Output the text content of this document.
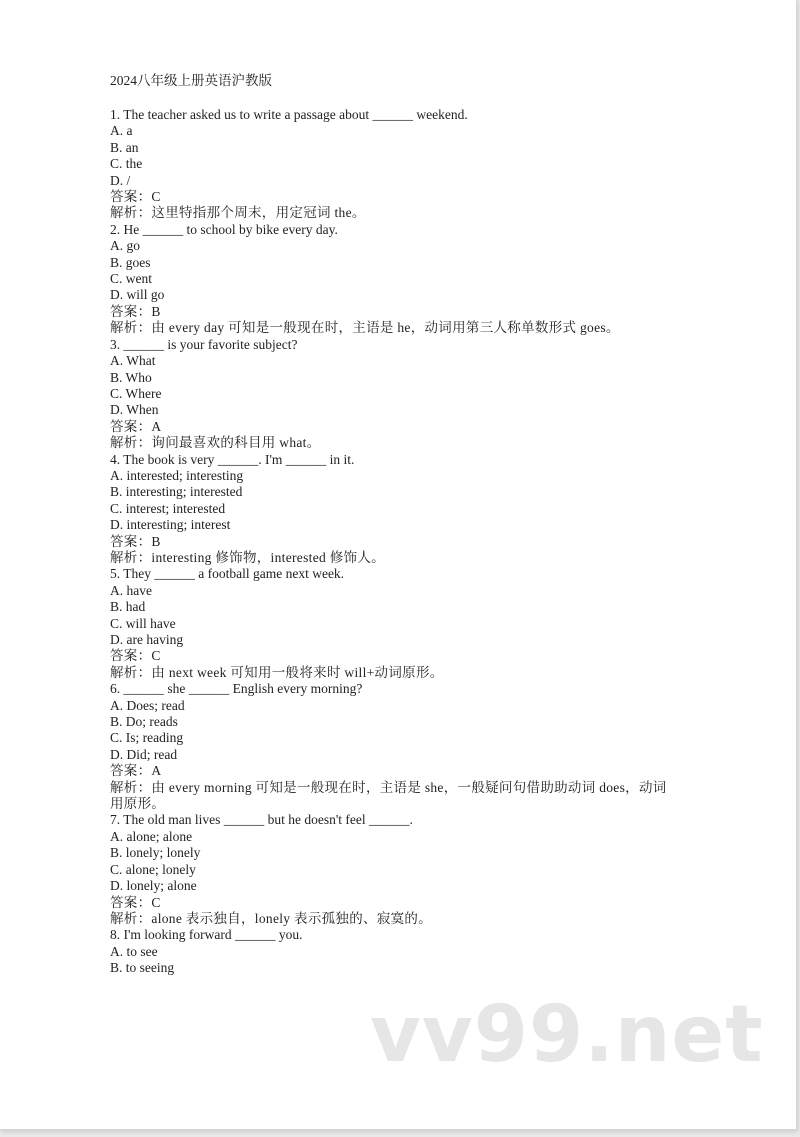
2024八年级上册英语沪教版
1. The teacher asked us to write a passage about ______ weekend.
A. a
B. an
C. the
D. /
答案：C
解析：这里特指那个周末，用定冠词 the。
2. He ______ to school by bike every day.
A. go
B. goes
C. went
D. will go
答案：B
解析：由 every day 可知是一般现在时，主语是 he，动词用第三人称单数形式 goes。
3. ______ is your favorite subject?
A. What
B. Who
C. Where
D. When
答案：A
解析：询问最喜欢的科目用 what。
4. The book is very ______. I'm ______ in it.
A. interested; interesting
B. interesting; interested
C. interest; interested
D. interesting; interest
答案：B
解析：interesting 修饰物，interested 修饰人。
5. They ______ a football game next week.
A. have
B. had
C. will have
D. are having
答案：C
解析：由 next week 可知用一般将来时 will+动词原形。
6. ______ she ______ English every morning?
A. Does; read
B. Do; reads
C. Is; reading
D. Did; read
答案：A
解析：由 every morning 可知是一般现在时，主语是 she，一般疑问句借助助动词 does，动词
用原形。
7. The old man lives ______ but he doesn't feel ______.
A. alone; alone
B. lonely; lonely
C. alone; lonely
D. lonely; alone
答案：C
解析：alone 表示独自，lonely 表示孤独的、寂寞的。
8. I'm looking forward ______ you.
A. to see
B. to seeing
vv99.net
